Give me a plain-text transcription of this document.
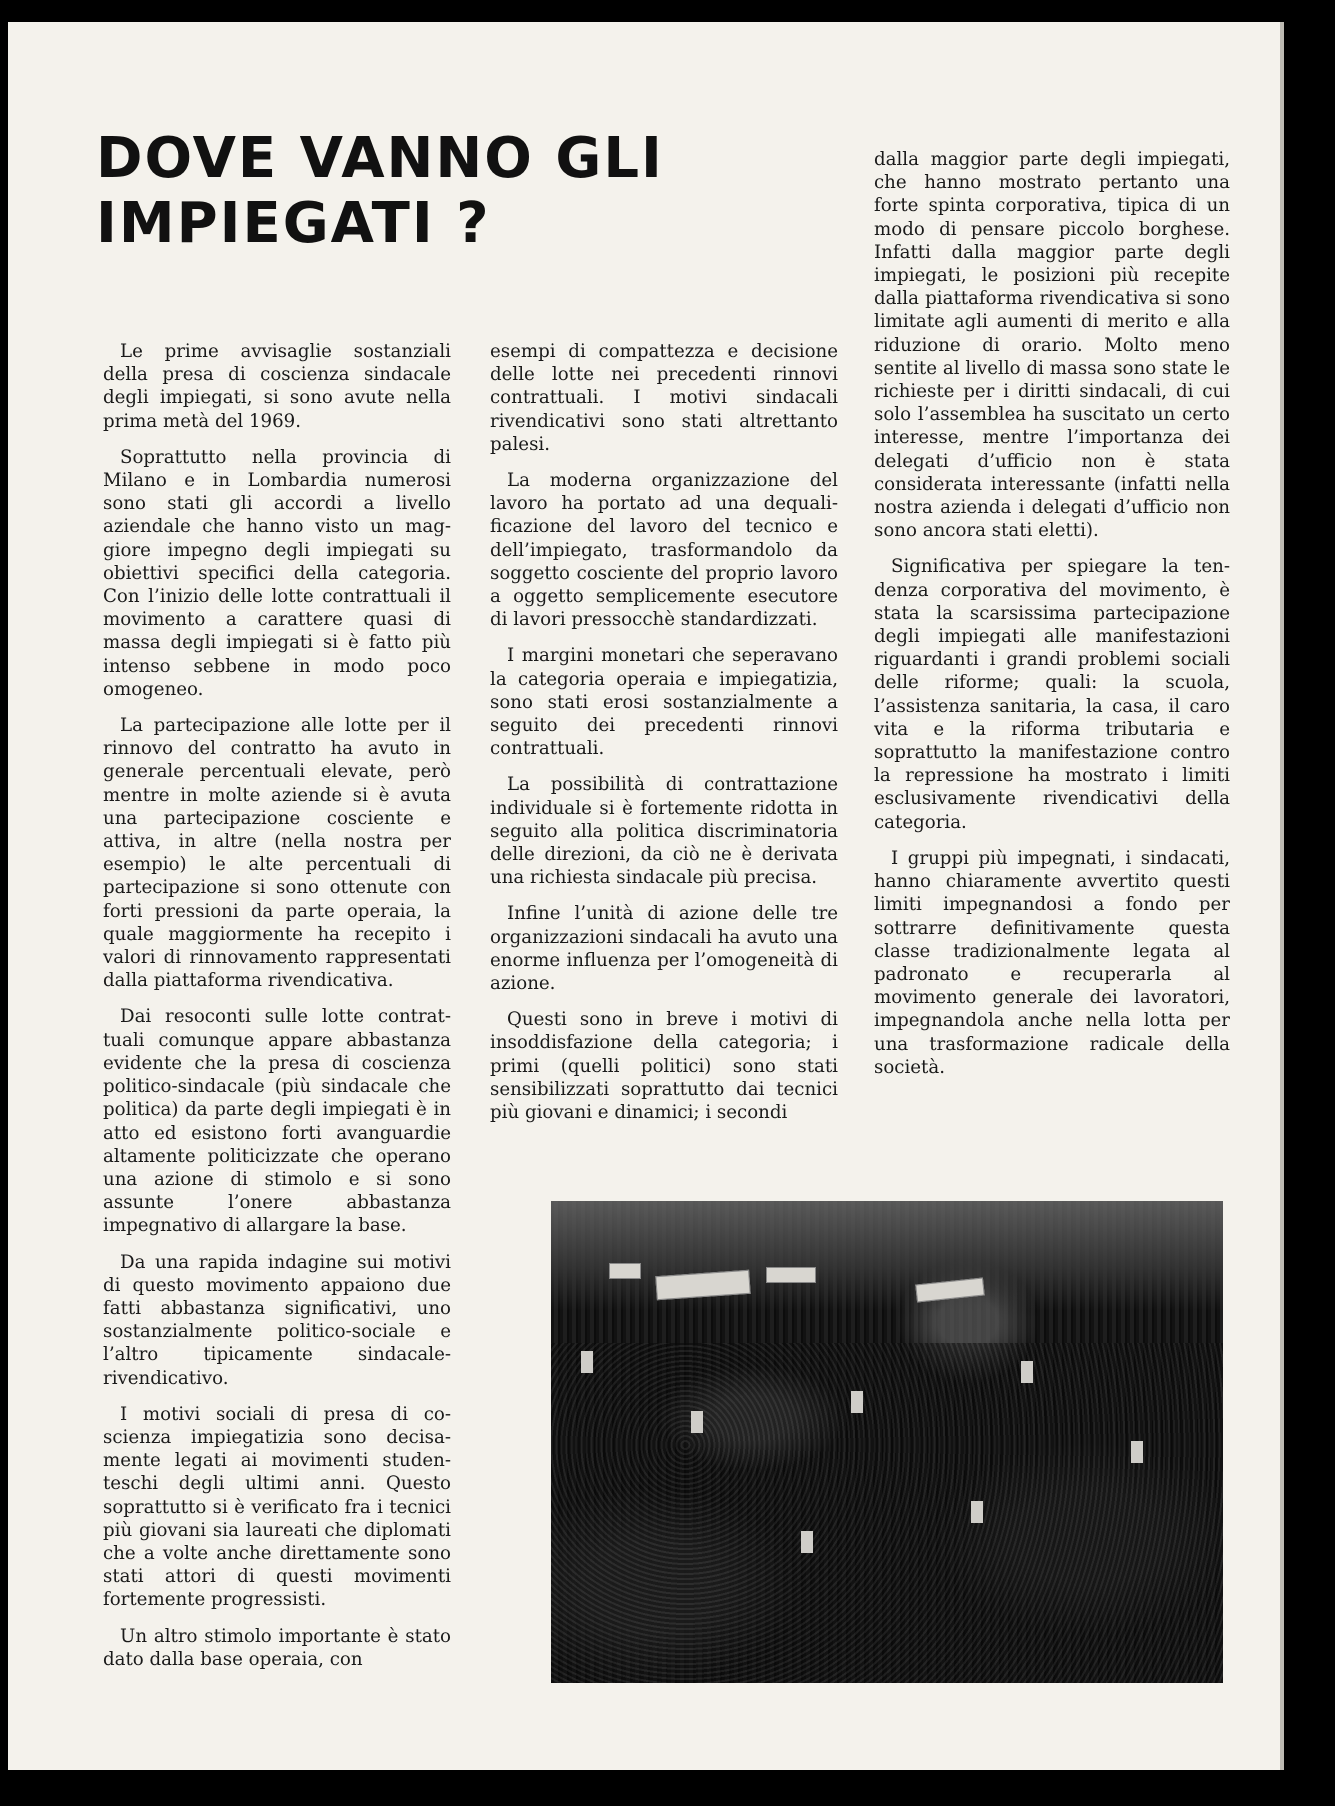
DOVE VANNO GLI
IMPIEGATI ?

Le prime avvisaglie sostanziali della presa di coscienza sindacale degli impiegati, si sono avute nella prima metà del 1969.

Soprattutto nella provincia di Milano e in Lombardia numerosi sono stati gli accordi a livello aziendale che hanno visto un maggiore impegno degli impiegati su obiettivi specifici della categoria. Con l’inizio delle lotte contrattuali il movimento a carattere quasi di massa degli impiegati si è fatto più intenso sebbene in modo poco omogeneo.

La partecipazione alle lotte per il rinnovo del contratto ha avuto in generale percentuali elevate, però mentre in molte aziende si è avuta una partecipazione cosciente e attiva, in altre (nella nostra per esempio) le alte percentuali di partecipazione si sono ottenute con forti pressioni da parte operaia, la quale maggiormente ha recepito i valori di rinnovamento rappresentati dalla piattaforma rivendicativa.

Dai resoconti sulle lotte contrattuali comunque appare abbastanza evidente che la presa di coscienza politico-sindacale (più sindacale che politica) da parte degli impiegati è in atto ed esistono forti avanguardie altamente politicizzate che operano una azione di stimolo e si sono assunte l’onere abbastanza impegnativo di allargare la base.

Da una rapida indagine sui motivi di questo movimento appaiono due fatti abbastanza significativi, uno sostanzialmente politico-sociale e l’altro tipicamente sindacale-rivendicativo.

I motivi sociali di presa di coscienza impiegatizia sono decisamente legati ai movimenti studenteschi degli ultimi anni. Questo soprattutto si è verificato fra i tecnici più giovani sia laureati che diplomati che a volte anche direttamente sono stati attori di questi movimenti fortemente progressisti.

Un altro stimolo importante è stato dato dalla base operaia, con

esempi di compattezza e decisione delle lotte nei precedenti rinnovi contrattuali. I motivi sindacali rivendicativi sono stati altrettanto palesi.

La moderna organizzazione del lavoro ha portato ad una dequalificazione del lavoro del tecnico e dell’impiegato, trasformandolo da soggetto cosciente del proprio lavoro a oggetto semplicemente esecutore di lavori pressocchè standardizzati.

I margini monetari che seperavano la categoria operaia e impiegatizia, sono stati erosi sostanzialmente a seguito dei precedenti rinnovi contrattuali.

La possibilità di contrattazione individuale si è fortemente ridotta in seguito alla politica discriminatoria delle direzioni, da ciò ne è derivata una richiesta sindacale più precisa.

Infine l’unità di azione delle tre organizzazioni sindacali ha avuto una enorme influenza per l’omogeneità di azione.

Questi sono in breve i motivi di insoddisfazione della categoria; i primi (quelli politici) sono stati sensibilizzati soprattutto dai tecnici più giovani e dinamici; i secondi

dalla maggior parte degli impiegati, che hanno mostrato pertanto una forte spinta corporativa, tipica di un modo di pensare piccolo borghese. Infatti dalla maggior parte degli impiegati, le posizioni più recepite dalla piattaforma rivendicativa si sono limitate agli aumenti di merito e alla riduzione di orario. Molto meno sentite al livello di massa sono state le richieste per i diritti sindacali, di cui solo l’assemblea ha suscitato un certo interesse, mentre l’importanza dei delegati d’ufficio non è stata considerata interessante (infatti nella nostra azienda i delegati d’ufficio non sono ancora stati eletti).

Significativa per spiegare la tendenza corporativa del movimento, è stata la scarsissima partecipazione degli impiegati alle manifestazioni riguardanti i grandi problemi sociali delle riforme; quali: la scuola, l’assistenza sanitaria, la casa, il caro vita e la riforma tributaria e soprattutto la manifestazione contro la repressione ha mostrato i limiti esclusivamente rivendicativi della categoria.

I gruppi più impegnati, i sindacati, hanno chiaramente avvertito questi limiti impegnandosi a fondo per sottrarre definitivamente questa classe tradizionalmente legata al padronato e recuperarla al movimento generale dei lavoratori, impegnandola anche nella lotta per una trasformazione radicale della società.
